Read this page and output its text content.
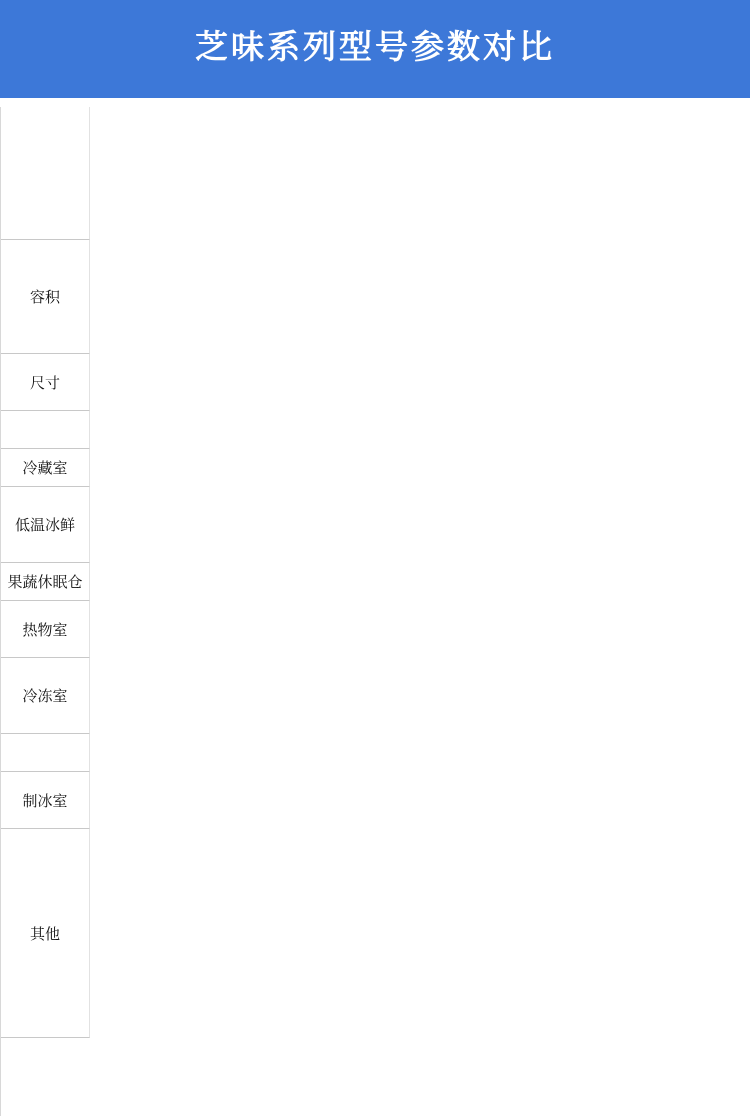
芝味系列型号参数对比
容积
尺寸
冷藏室
低温冰鲜
果蔬休眠仓
热物室
冷冻室
制冰室
其他
